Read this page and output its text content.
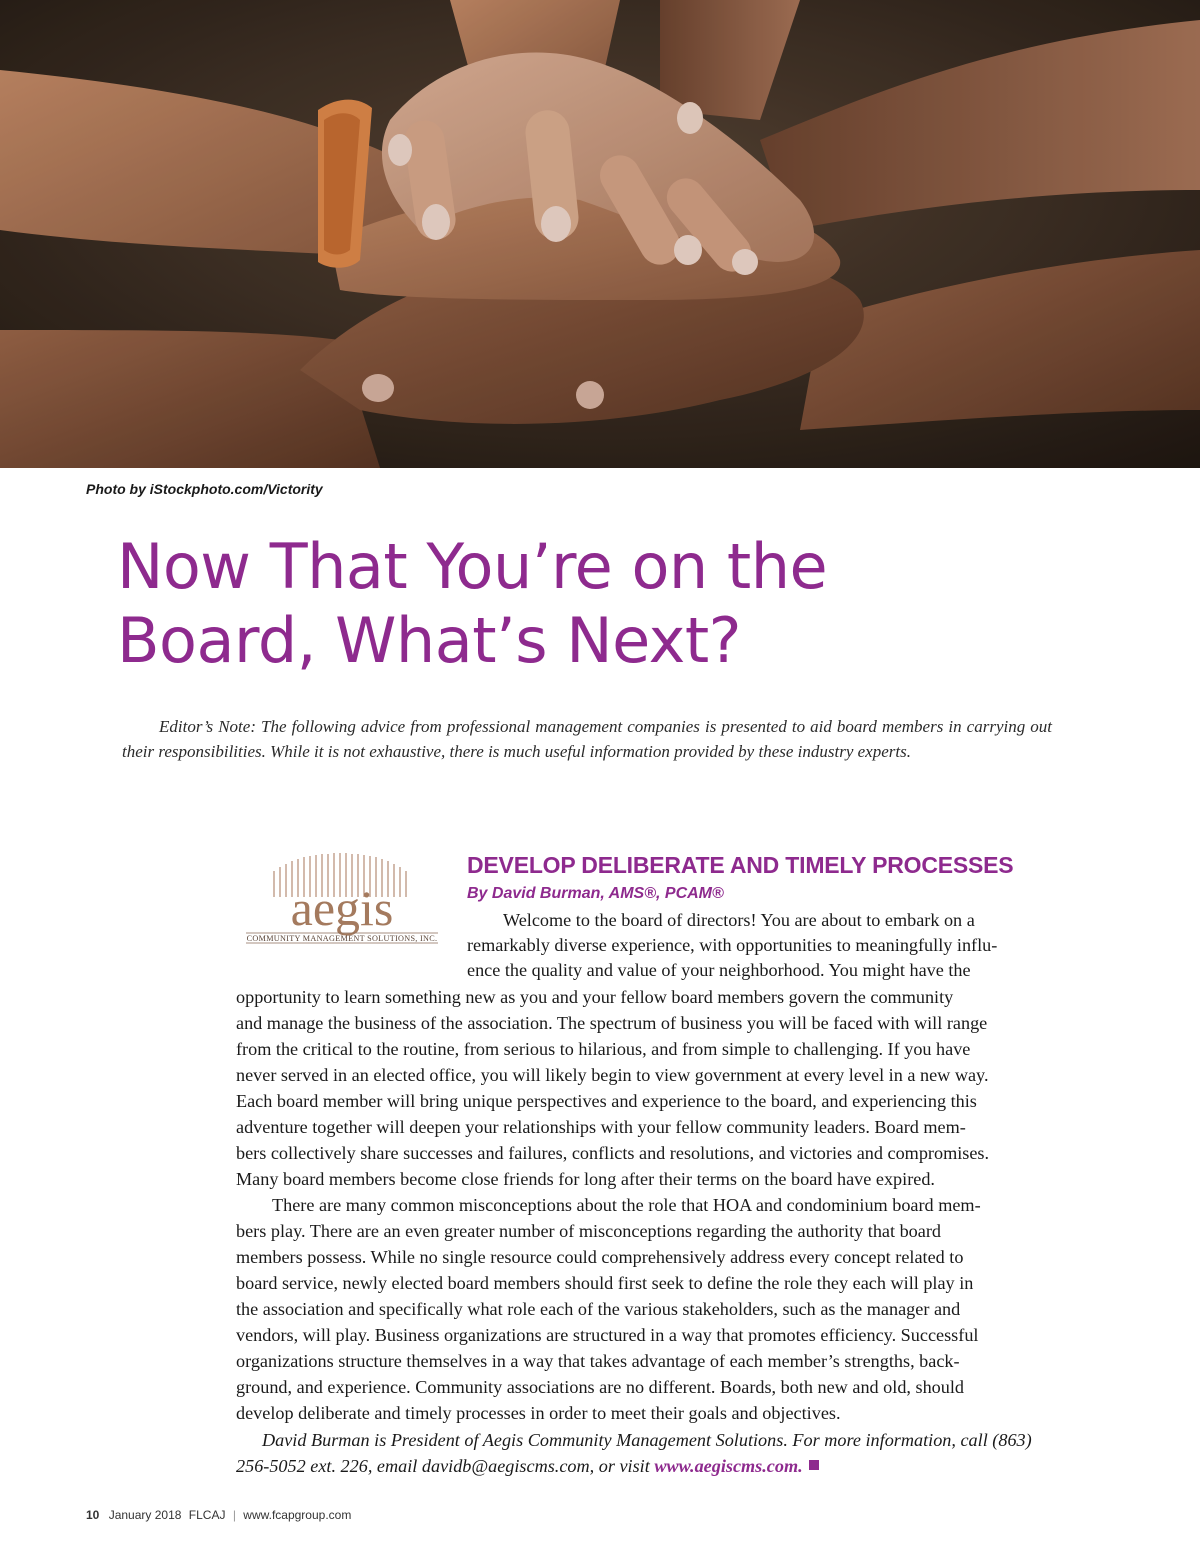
Photo by iStockphoto.com/Victority
Now That You’re on the
Board, What’s Next?

Editor’s Note: The following advice from professional management companies is presented to aid board members in carrying out their responsibilities. While it is not exhaustive, there is much useful information provided by these industry experts.

aegis
COMMUNITY MANAGEMENT SOLUTIONS, INC.
DEVELOP DELIBERATE AND TIMELY PROCESSES
By David Burman, AMS®, PCAM®
Welcome to the board of directors! You are about to embark on a
remarkably diverse experience, with opportunities to meaningfully influ-
ence the quality and value of your neighborhood. You might have the
opportunity to learn something new as you and your fellow board members govern the community
and manage the business of the association. The spectrum of business you will be faced with will range
from the critical to the routine, from serious to hilarious, and from simple to challenging. If you have
never served in an elected office, you will likely begin to view government at every level in a new way.
Each board member will bring unique perspectives and experience to the board, and experiencing this
adventure together will deepen your relationships with your fellow community leaders. Board mem-
bers collectively share successes and failures, conflicts and resolutions, and victories and compromises.
Many board members become close friends for long after their terms on the board have expired.
There are many common misconceptions about the role that HOA and condominium board mem-
bers play. There are an even greater number of misconceptions regarding the authority that board
members possess. While no single resource could comprehensively address every concept related to
board service, newly elected board members should first seek to define the role they each will play in
the association and specifically what role each of the various stakeholders, such as the manager and
vendors, will play. Business organizations are structured in a way that promotes efficiency. Successful
organizations structure themselves in a way that takes advantage of each member’s strengths, back-
ground, and experience. Community associations are no different. Boards, both new and old, should
develop deliberate and timely processes in order to meet their goals and objectives.
David Burman is President of Aegis Community Management Solutions. For more information, call (863)
256-5052 ext. 226, email davidb@aegiscms.com, or visit www.aegiscms.com.
10 January 2018 FLCAJ | www.fcapgroup.com
